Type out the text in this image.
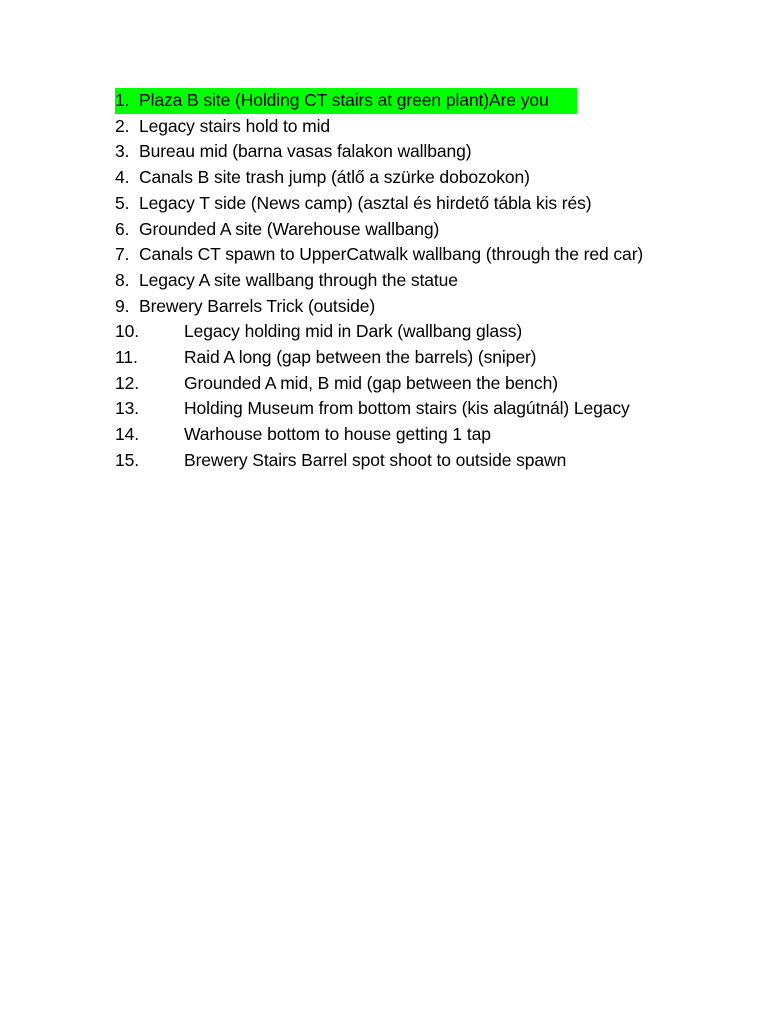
1. Plaza B site (Holding CT stairs at green plant)Are you
2. Legacy stairs hold to mid
3. Bureau mid (barna vasas falakon wallbang)
4. Canals B site trash jump (átlő a szürke dobozokon)
5. Legacy T side (News camp) (asztal és hirdető tábla kis rés)
6. Grounded A site (Warehouse wallbang)
7. Canals CT spawn to UpperCatwalk wallbang (through the red car)
8. Legacy A site wallbang through the statue
9. Brewery Barrels Trick (outside)
10.	Legacy holding mid in Dark (wallbang glass)
11.	Raid A long (gap between the barrels) (sniper)
12.	Grounded A mid, B mid (gap between the bench)
13.	Holding Museum from bottom stairs (kis alagútnál) Legacy
14.	Warhouse bottom to house getting 1 tap
15.	Brewery Stairs Barrel spot shoot to outside spawn
